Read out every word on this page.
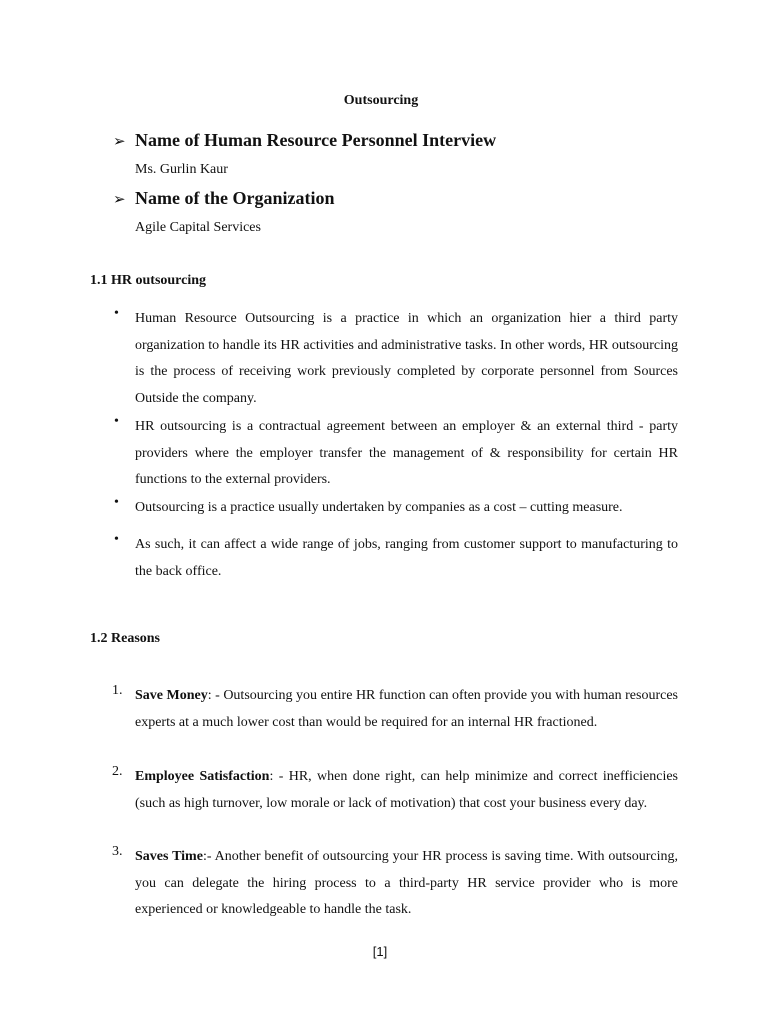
Outsourcing
➢ Name of Human Resource Personnel Interview
Ms. Gurlin Kaur
➢ Name of the Organization
Agile Capital Services
1.1 HR outsourcing
• Human Resource Outsourcing is a practice in which an organization hier a third party organization to handle its HR activities and administrative tasks. In other words, HR outsourcing is the process of receiving work previously completed by corporate personnel from Sources Outside the company.
• HR outsourcing is a contractual agreement between an employer & an external third - party providers where the employer transfer the management of & responsibility for certain HR functions to the external providers.
• Outsourcing is a practice usually undertaken by companies as a cost – cutting measure.
• As such, it can affect a wide range of jobs, ranging from customer support to manufacturing to the back office.
1.2 Reasons
1. Save Money: - Outsourcing you entire HR function can often provide you with human resources experts at a much lower cost than would be required for an internal HR fractioned.
2. Employee Satisfaction: - HR, when done right, can help minimize and correct inefficiencies (such as high turnover, low morale or lack of motivation) that cost your business every day.
3. Saves Time:- Another benefit of outsourcing your HR process is saving time. With outsourcing, you can delegate the hiring process to a third-party HR service provider who is more experienced or knowledgeable to handle the task.
[1]
